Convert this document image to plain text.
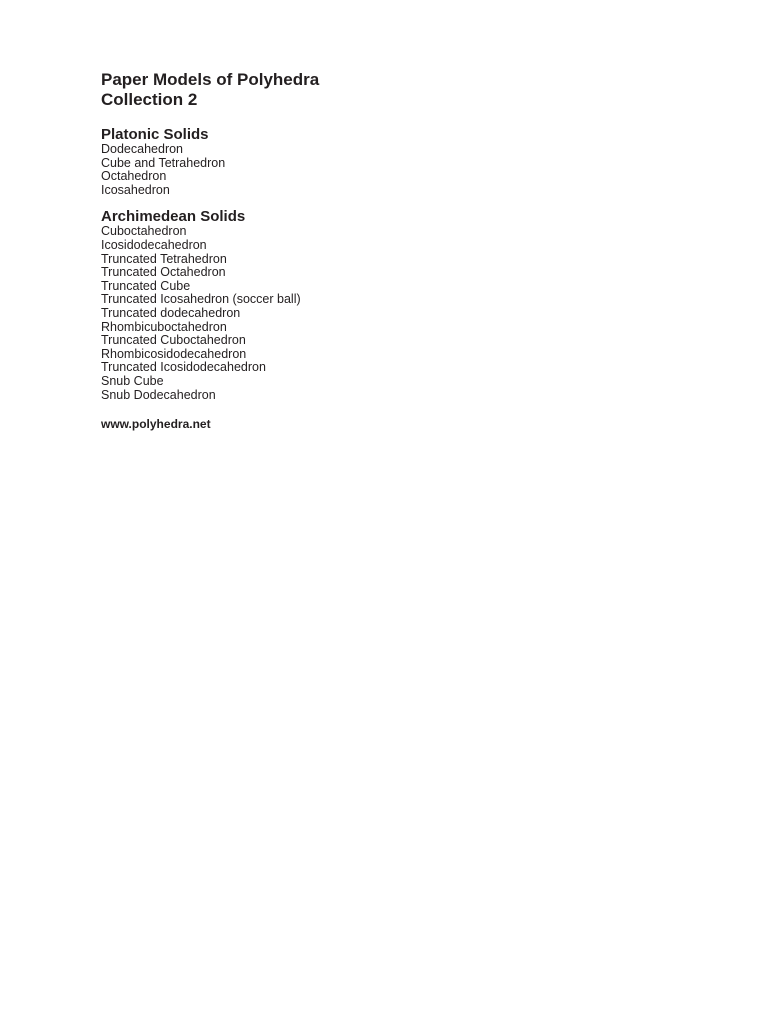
Paper Models of Polyhedra
Collection 2
Platonic Solids
Dodecahedron
Cube and Tetrahedron
Octahedron
Icosahedron
Archimedean Solids
Cuboctahedron
Icosidodecahedron
Truncated Tetrahedron
Truncated Octahedron
Truncated Cube
Truncated Icosahedron (soccer ball)
Truncated dodecahedron
Rhombicuboctahedron
Truncated Cuboctahedron
Rhombicosidodecahedron
Truncated Icosidodecahedron
Snub Cube
Snub Dodecahedron
www.polyhedra.net
